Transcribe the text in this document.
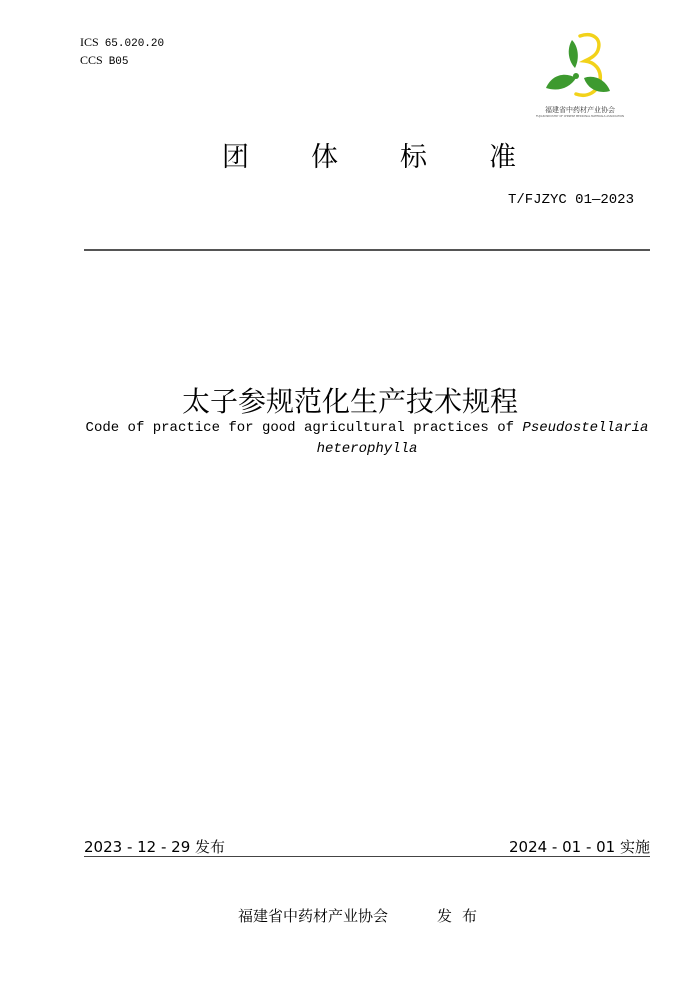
ICS 65.020.20
CCS B05
福建省中药材产业协会
FUJIAN INDUSTRY OF CHINESE MEDICINAL MATERIALS ASSOCIATION
团体标准
T/FJZYC 01—2023
太子参规范化生产技术规程
Code of practice for good agricultural practices of Pseudostellaria heterophylla
2023 - 12 - 29 发布	2024 - 01 - 01 实施
福建省中药材产业协会	发布
